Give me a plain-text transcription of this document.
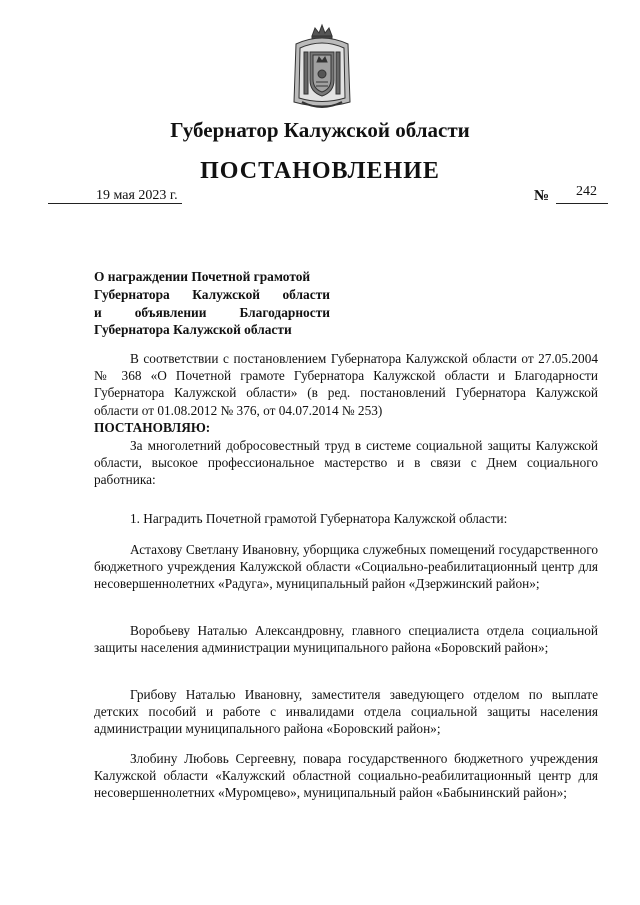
Губернатор Калужской области
ПОСТАНОВЛЕНИЕ
19 мая 2023 г.	№ 242
О награждении Почетной грамотой
Губернатора Калужской области
и объявлении Благодарности
Губернатора Калужской области
В соответствии с постановлением Губернатора Калужской области от 27.05.2004 № 368 «О Почетной грамоте Губернатора Калужской области и Благодарности Губернатора Калужской области» (в ред. постановлений Губернатора Калужской области от 01.08.2012 № 376, от 04.07.2014 № 253)
ПОСТАНОВЛЯЮ:
За многолетний добросовестный труд в системе социальной защиты Калужской области, высокое профессиональное мастерство и в связи с Днем социального работника:
1. Наградить Почетной грамотой Губернатора Калужской области:
Астахову Светлану Ивановну, уборщика служебных помещений государственного бюджетного учреждения Калужской области «Социально-реабилитационный центр для несовершеннолетних «Радуга», муниципальный район «Дзержинский район»;
Воробьеву Наталью Александровну, главного специалиста отдела социальной защиты населения администрации муниципального района «Боровский район»;
Грибову Наталью Ивановну, заместителя заведующего отделом по выплате детских пособий и работе с инвалидами отдела социальной защиты населения администрации муниципального района «Боровский район»;
Злобину Любовь Сергеевну, повара государственного бюджетного учреждения Калужской области «Калужский областной социально-реабилитационный центр для несовершеннолетних «Муромцево», муниципальный район «Бабынинский район»;
